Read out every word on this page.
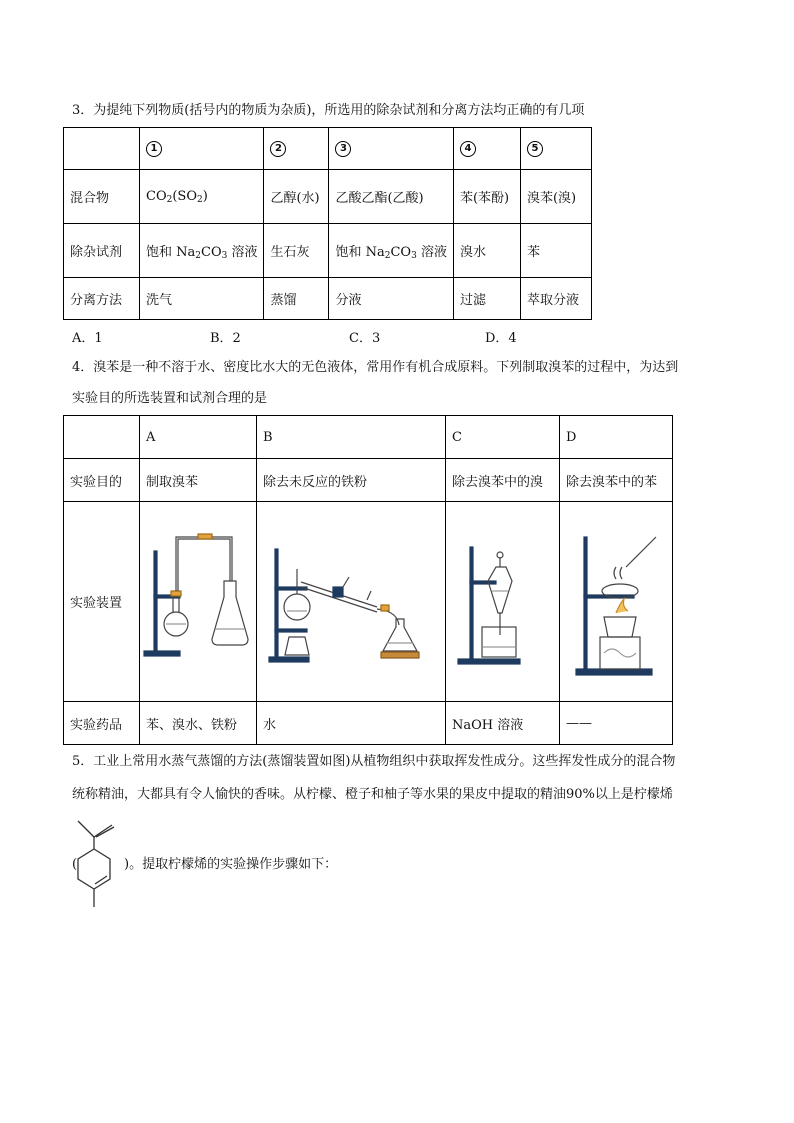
3．为提纯下列物质(括号内的物质为杂质)，所选用的除杂试剂和分离方法均正确的有几项
	1	2	3	4	5
混合物	$CO_2(SO_2)$	乙醇(水)	乙酸乙酯(乙酸)	苯(苯酚)	溴苯(溴)
除杂试剂	饱和 $Na_2CO_3$ 溶液	生石灰	饱和 $Na_2CO_3$ 溶液	溴水	苯
分离方法	洗气	蒸馏	分液	过滤	萃取分液
A．1	B．2	C．3	D．4
4．溴苯是一种不溶于水、密度比水大的无色液体，常用作有机合成原料。下列制取溴苯的过程中，为达到
实验目的所选装置和试剂合理的是
	A	B	C	D
实验目的	制取溴苯	除去未反应的铁粉	除去溴苯中的溴	除去溴苯中的苯
实验装置	

实验药品	苯、溴水、铁粉	水	NaOH 溶液	——
5．工业上常用水蒸气蒸馏的方法(蒸馏装置如图)从植物组织中获取挥发性成分。这些挥发性成分的混合物
统称精油，大都具有令人愉快的香味。从柠檬、橙子和柚子等水果的果皮中提取的精油90%以上是柠檬烯
(	)。提取柠檬烯的实验操作步骤如下：
